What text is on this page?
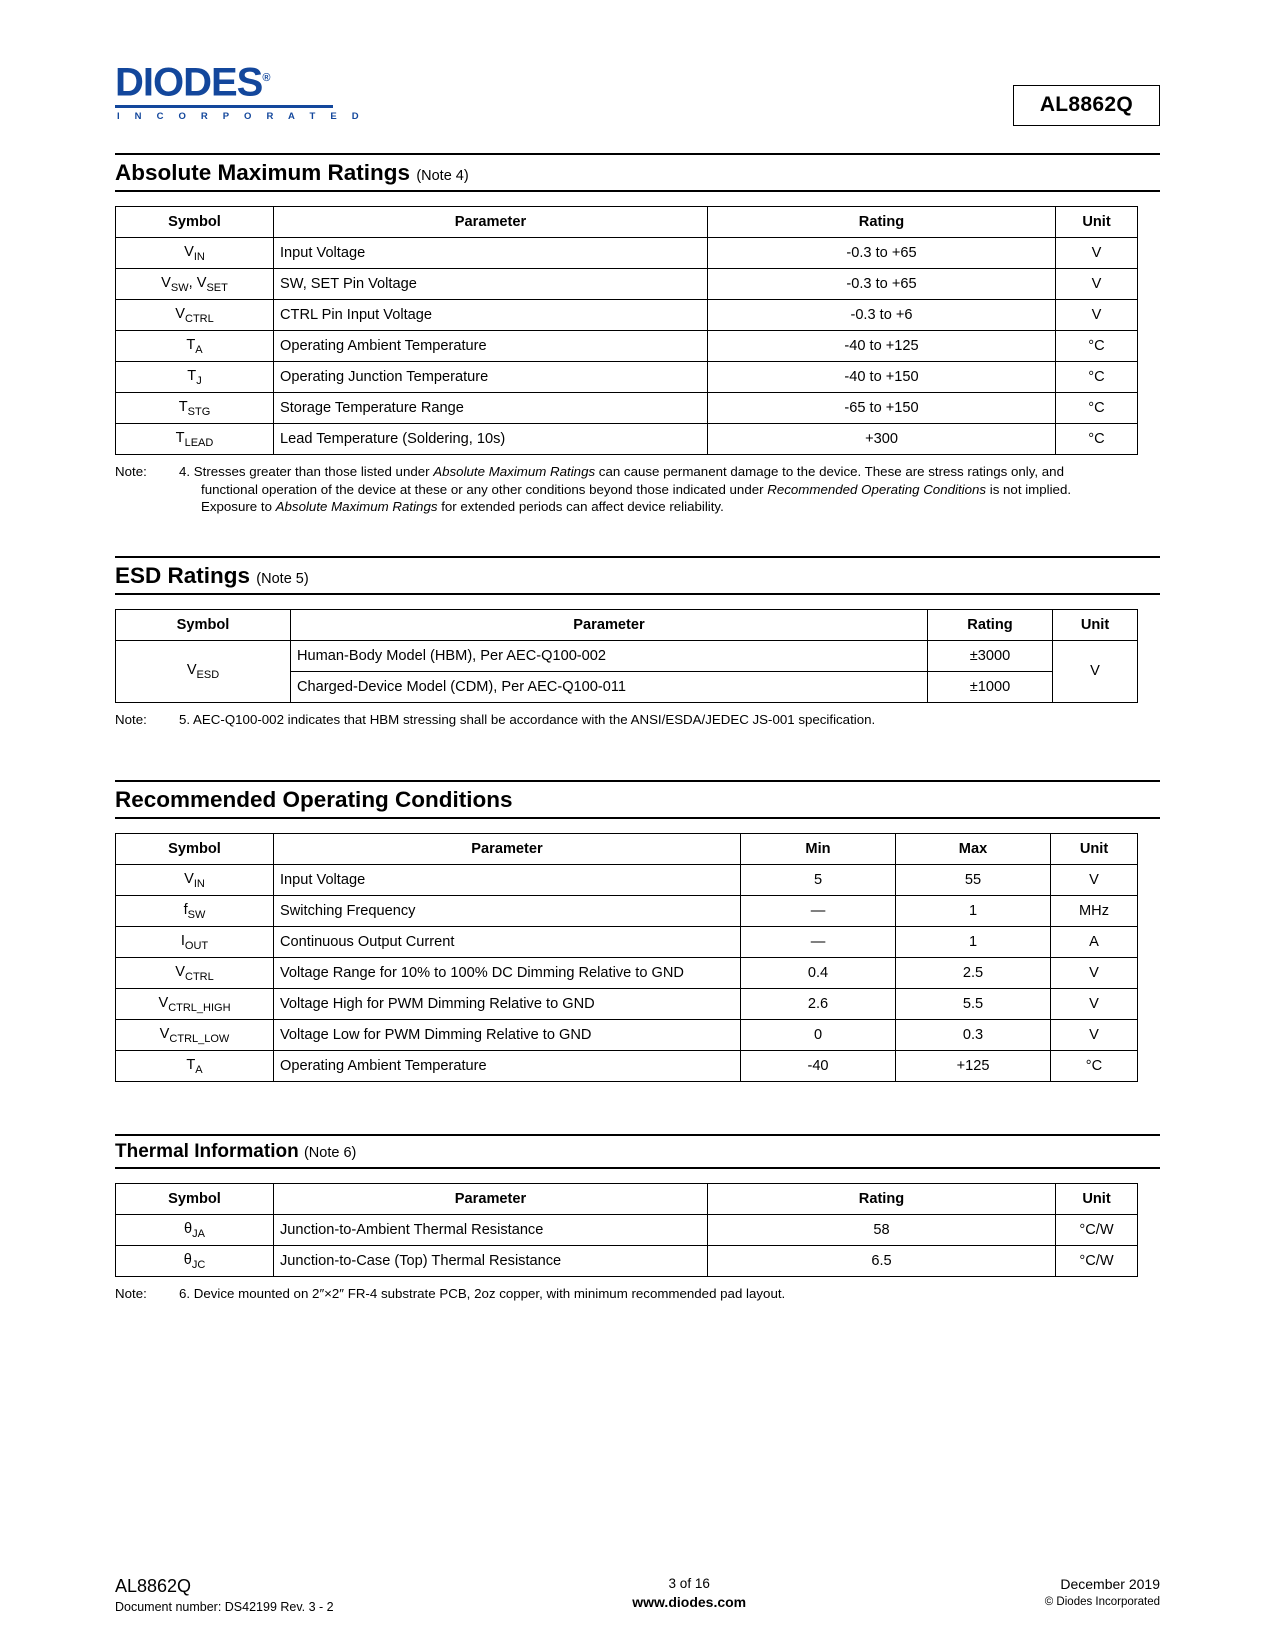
DIODES®
I N C O R P O R A T E D
AL8862Q
Absolute Maximum Ratings (Note 4)
Symbol	Parameter	Rating	Unit
$V_{IN}$	Input Voltage	-0.3 to +65	V
$V_{SW}$, $V_{SET}$	SW, SET Pin Voltage	-0.3 to +65	V
$V_{CTRL}$	CTRL Pin Input Voltage	-0.3 to +6	V
$T_A$	Operating Ambient Temperature	-40 to +125	°C
$T_J$	Operating Junction Temperature	-40 to +150	°C
$T_{STG}$	Storage Temperature Range	-65 to +150	°C
$T_{LEAD}$	Lead Temperature (Soldering, 10s)	+300	°C
Note:	4. Stresses greater than those listed under Absolute Maximum Ratings can cause permanent damage to the device. These are stress ratings only, and

functional operation of the device at these or any other conditions beyond those indicated under Recommended Operating Conditions is not implied.

Exposure to Absolute Maximum Ratings for extended periods can affect device reliability.

ESD Ratings (Note 5)
Symbol	Parameter	Rating	Unit
$V_{ESD}$	Human-Body Model (HBM), Per AEC-Q100-002	±3000	V
	Charged-Device Model (CDM), Per AEC-Q100-011	±1000	
Note:	5. AEC-Q100-002 indicates that HBM stressing shall be accordance with the ANSI/ESDA/JEDEC JS-001 specification.
Recommended Operating Conditions
Symbol	Parameter	Min	Max	Unit
$V_{IN}$	Input Voltage	5	55	V
$f_{SW}$	Switching Frequency	—	1	MHz
$I_{OUT}$	Continuous Output Current	—	1	A
$V_{CTRL}$	Voltage Range for 10% to 100% DC Dimming Relative to GND	0.4	2.5	V
$V_{CTRL\_HIGH}$	Voltage High for PWM Dimming Relative to GND	2.6	5.5	V
$V_{CTRL\_LOW}$	Voltage Low for PWM Dimming Relative to GND	0	0.3	V
$T_A$	Operating Ambient Temperature	-40	+125	°C
Thermal Information (Note 6)
Symbol	Parameter	Rating	Unit
$\theta_{JA}$	Junction-to-Ambient Thermal Resistance	58	°C/W
$\theta_{JC}$	Junction-to-Case (Top) Thermal Resistance	6.5	°C/W
Note:	6. Device mounted on 2″×2″ FR-4 substrate PCB, 2oz copper, with minimum recommended pad layout.
AL8862Q
Document number: DS42199 Rev. 3 - 2
3 of 16
www.diodes.com
December 2019
© Diodes Incorporated
